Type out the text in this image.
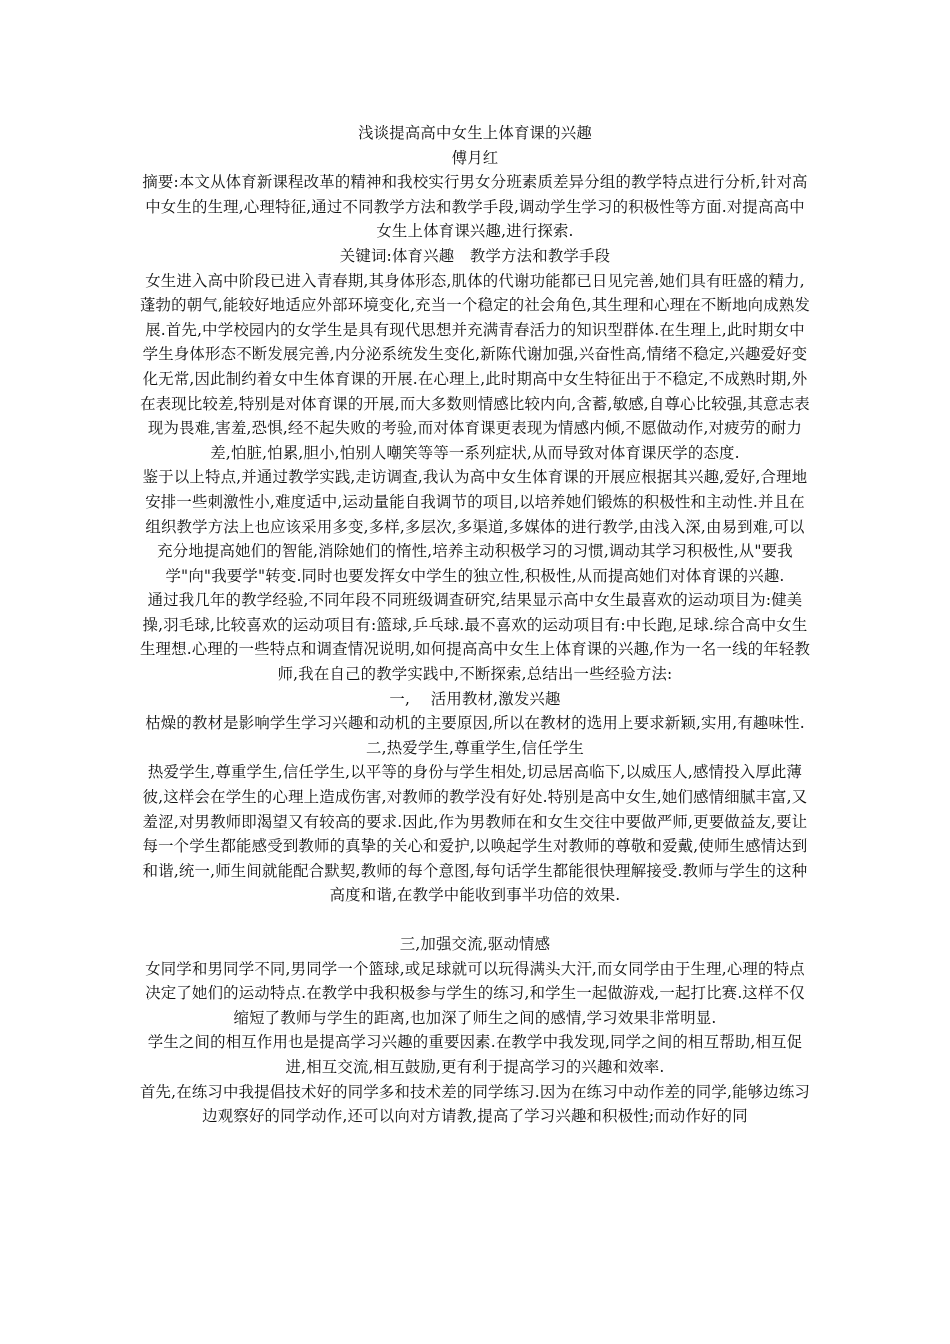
浅谈提高高中女生上体育课的兴趣

傅月红

摘要:本文从体育新课程改革的精神和我校实行男女分班素质差异分组的教学特点进行分析,针对高中女生的生理,心理特征,通过不同教学方法和教学手段,调动学生学习的积极性等方面.对提高高中女生上体育课兴趣,进行探索.

关键词:体育兴趣　教学方法和教学手段

女生进入高中阶段已进入青春期,其身体形态,肌体的代谢功能都已日见完善,她们具有旺盛的精力,蓬勃的朝气,能较好地适应外部环境变化,充当一个稳定的社会角色,其生理和心理在不断地向成熟发展.首先,中学校园内的女学生是具有现代思想并充满青春活力的知识型群体.在生理上,此时期女中学生身体形态不断发展完善,内分泌系统发生变化,新陈代谢加强,兴奋性高,情绪不稳定,兴趣爱好变化无常,因此制约着女中生体育课的开展.在心理上,此时期高中女生特征出于不稳定,不成熟时期,外在表现比较差,特别是对体育课的开展,而大多数则情感比较内向,含蓄,敏感,自尊心比较强,其意志表现为畏难,害羞,恐惧,经不起失败的考验,而对体育课更表现为情感内倾,不愿做动作,对疲劳的耐力差,怕脏,怕累,胆小,怕别人嘲笑等等一系列症状,从而导致对体育课厌学的态度.

鉴于以上特点,并通过教学实践,走访调查,我认为高中女生体育课的开展应根据其兴趣,爱好,合理地安排一些刺激性小,难度适中,运动量能自我调节的项目,以培养她们锻炼的积极性和主动性.并且在组织教学方法上也应该采用多变,多样,多层次,多渠道,多媒体的进行教学,由浅入深,由易到难,可以充分地提高她们的智能,消除她们的惰性,培养主动积极学习的习惯,调动其学习积极性,从"要我学"向"我要学"转变.同时也要发挥女中学生的独立性,积极性,从而提高她们对体育课的兴趣.

通过我几年的教学经验,不同年段不同班级调查研究,结果显示高中女生最喜欢的运动项目为:健美操,羽毛球,比较喜欢的运动项目有:篮球,乒乓球.最不喜欢的运动项目有:中长跑,足球.综合高中女生生理想.心理的一些特点和调查情况说明,如何提高高中女生上体育课的兴趣,作为一名一线的年轻教师,我在自己的教学实践中,不断探索,总结出一些经验方法:

一,　 活用教材,激发兴趣

枯燥的教材是影响学生学习兴趣和动机的主要原因,所以在教材的选用上要求新颖,实用,有趣味性.

二,热爱学生,尊重学生,信任学生

热爱学生,尊重学生,信任学生,以平等的身份与学生相处,切忌居高临下,以威压人,感情投入厚此薄彼,这样会在学生的心理上造成伤害,对教师的教学没有好处.特别是高中女生,她们感情细腻丰富,又羞涩,对男教师即渴望又有较高的要求.因此,作为男教师在和女生交往中要做严师,更要做益友,要让每一个学生都能感受到教师的真挚的关心和爱护,以唤起学生对教师的尊敬和爱戴,使师生感情达到和谐,统一,师生间就能配合默契,教师的每个意图,每句话学生都能很快理解接受.教师与学生的这种高度和谐,在教学中能收到事半功倍的效果.

三,加强交流,驱动情感

女同学和男同学不同,男同学一个篮球,或足球就可以玩得满头大汗,而女同学由于生理,心理的特点决定了她们的运动特点.在教学中我积极参与学生的练习,和学生一起做游戏,一起打比赛.这样不仅缩短了教师与学生的距离,也加深了师生之间的感情,学习效果非常明显.

学生之间的相互作用也是提高学习兴趣的重要因素.在教学中我发现,同学之间的相互帮助,相互促进,相互交流,相互鼓励,更有利于提高学习的兴趣和效率.

首先,在练习中我提倡技术好的同学多和技术差的同学练习.因为在练习中动作差的同学,能够边练习边观察好的同学动作,还可以向对方请教,提高了学习兴趣和积极性;而动作好的同
